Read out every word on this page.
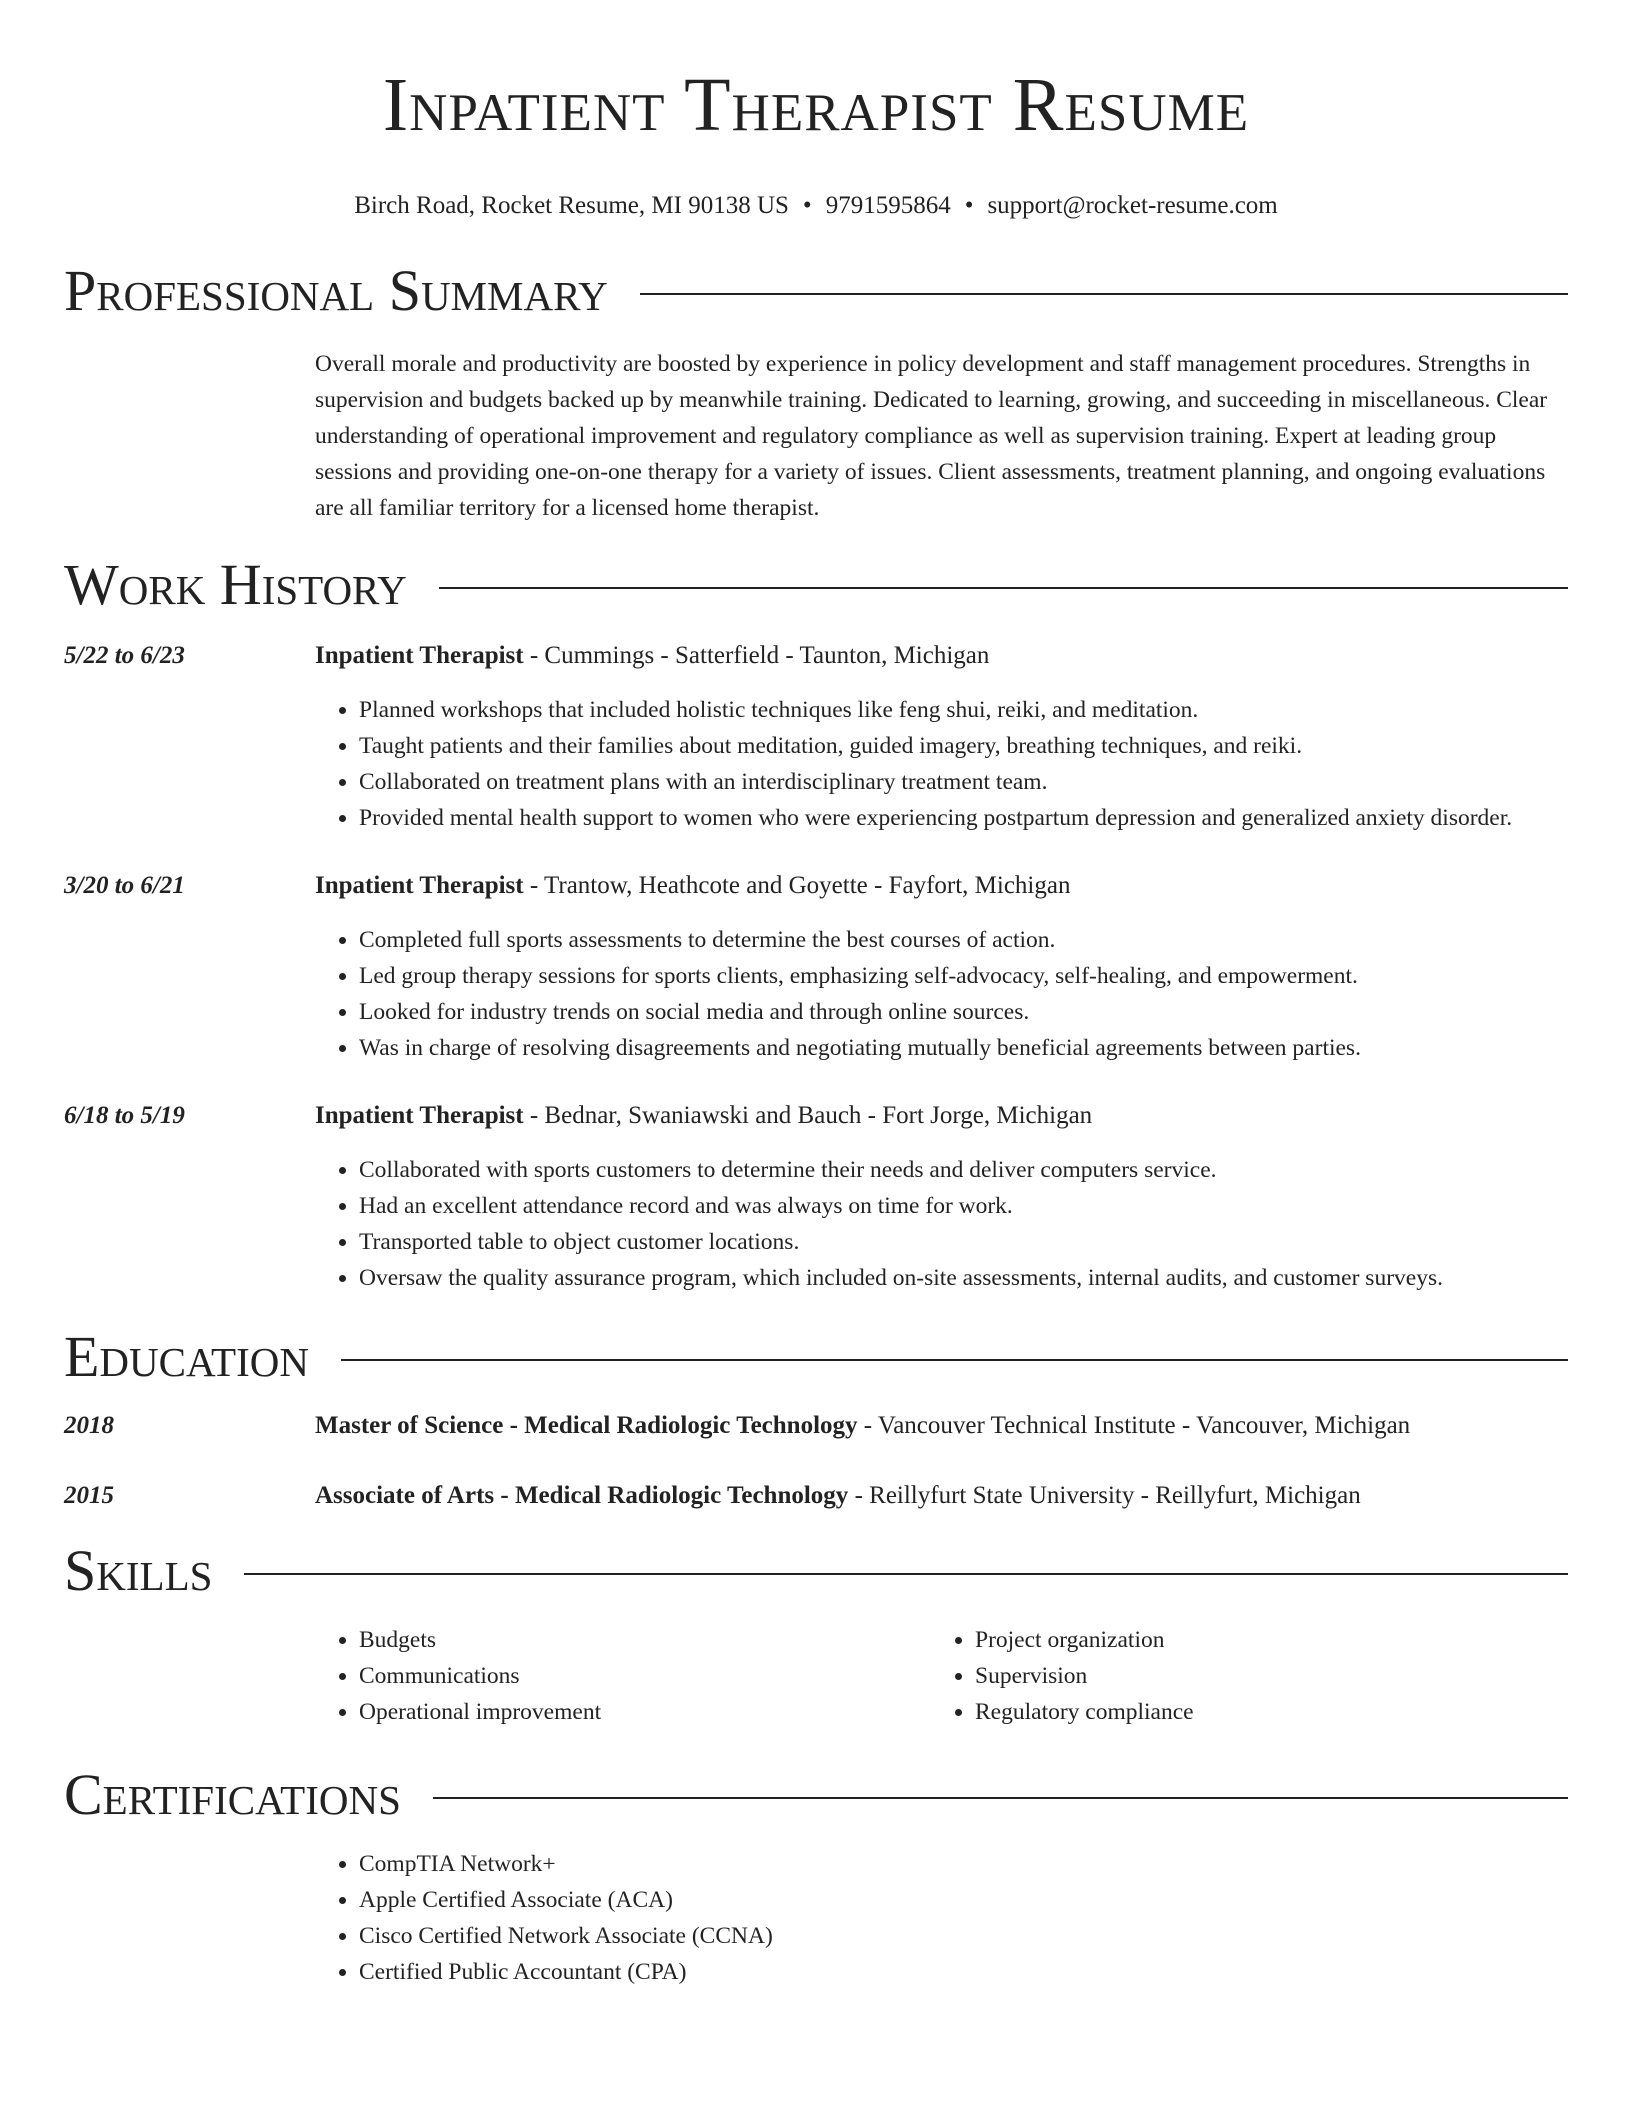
Inpatient Therapist Resume
Birch Road, Rocket Resume, MI 90138 US • 9791595864 • support@rocket-resume.com
Professional Summary

Overall morale and productivity are boosted by experience in policy development and staff management procedures. Strengths in supervision and budgets backed up by meanwhile training. Dedicated to learning, growing, and succeeding in miscellaneous. Clear understanding of operational improvement and regulatory compliance as well as supervision training. Expert at leading group sessions and providing one-on-one therapy for a variety of issues. Client assessments, treatment planning, and ongoing evaluations are all familiar territory for a licensed home therapist.

Work History
5/22 to 6/23	Inpatient Therapist - Cummings - Satterfield - Taunton, Michigan
• Planned workshops that included holistic techniques like feng shui, reiki, and meditation.
• Taught patients and their families about meditation, guided imagery, breathing techniques, and reiki.
• Collaborated on treatment plans with an interdisciplinary treatment team.
• Provided mental health support to women who were experiencing postpartum depression and generalized anxiety disorder.
3/20 to 6/21	Inpatient Therapist - Trantow, Heathcote and Goyette - Fayfort, Michigan
• Completed full sports assessments to determine the best courses of action.
• Led group therapy sessions for sports clients, emphasizing self-advocacy, self-healing, and empowerment.
• Looked for industry trends on social media and through online sources.
• Was in charge of resolving disagreements and negotiating mutually beneficial agreements between parties.
6/18 to 5/19	Inpatient Therapist - Bednar, Swaniawski and Bauch - Fort Jorge, Michigan
• Collaborated with sports customers to determine their needs and deliver computers service.
• Had an excellent attendance record and was always on time for work.
• Transported table to object customer locations.
• Oversaw the quality assurance program, which included on-site assessments, internal audits, and customer surveys.
Education
2018	Master of Science - Medical Radiologic Technology - Vancouver Technical Institute - Vancouver, Michigan
2015	Associate of Arts - Medical Radiologic Technology - Reillyfurt State University - Reillyfurt, Michigan
Skills
• Budgets
• Communications
• Operational improvement
• Project organization
• Supervision
• Regulatory compliance
Certifications
• CompTIA Network+
• Apple Certified Associate (ACA)
• Cisco Certified Network Associate (CCNA)
• Certified Public Accountant (CPA)
